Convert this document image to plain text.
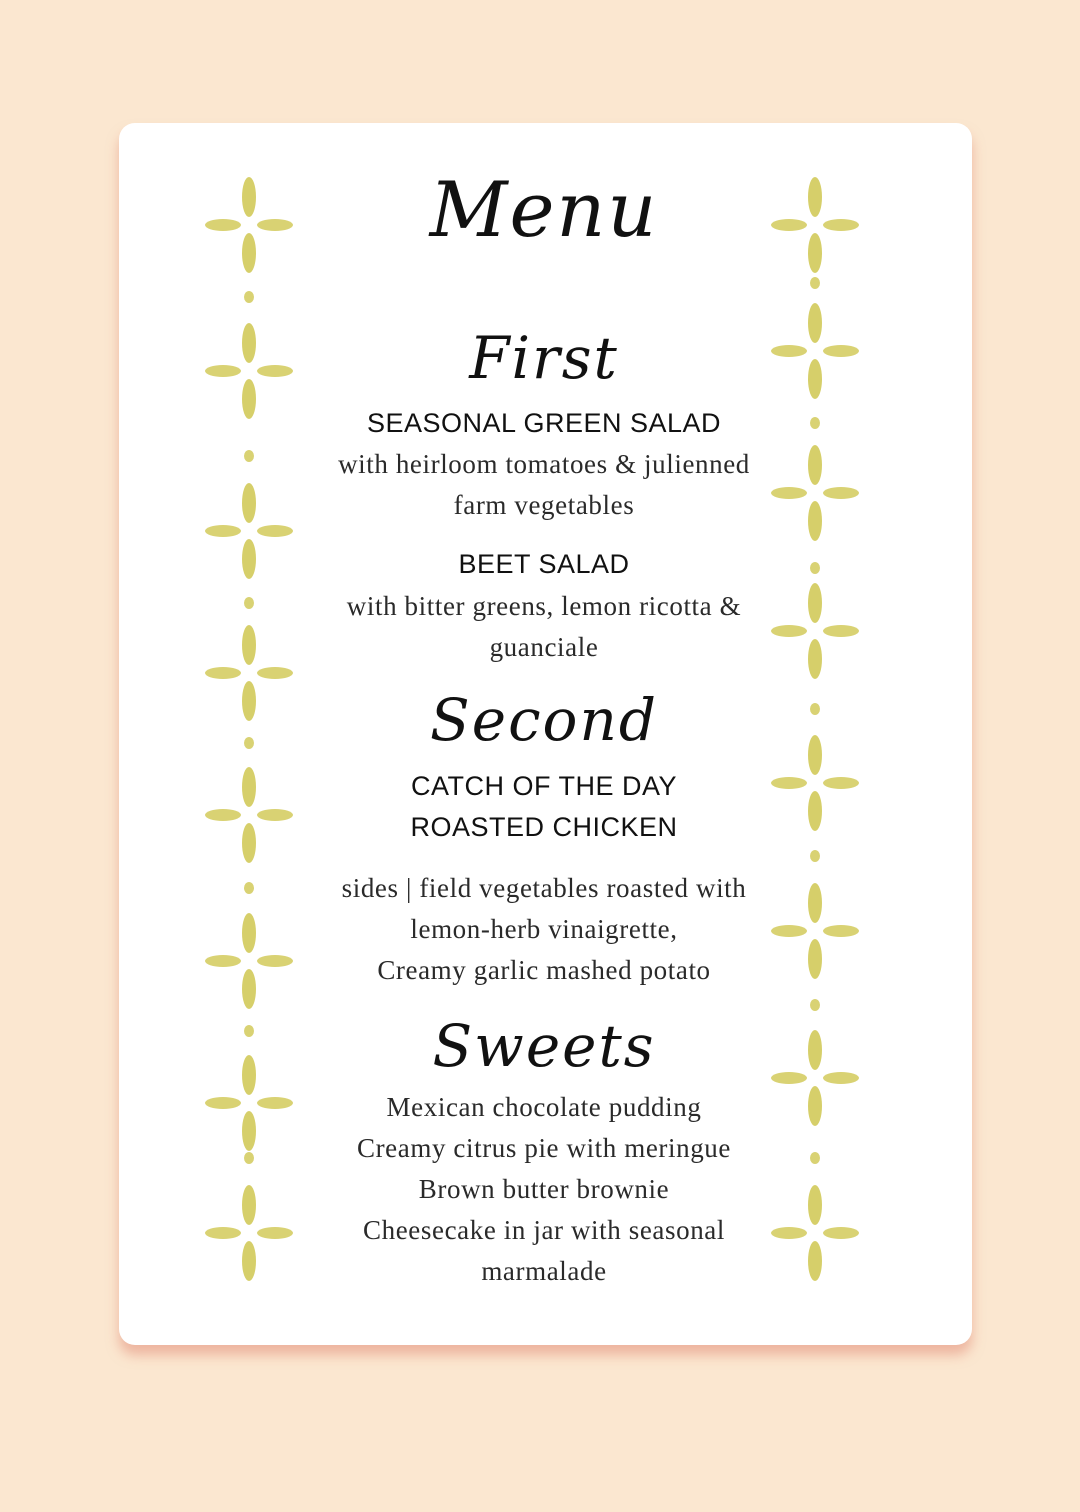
Menu
First
SEASONAL GREEN SALAD
with heirloom tomatoes & julienned
farm vegetables
BEET SALAD
with bitter greens, lemon ricotta &
guanciale
Second
CATCH OF THE DAY
ROASTED CHICKEN
sides | field vegetables roasted with
lemon-herb vinaigrette,
Creamy garlic mashed potato
Sweets
Mexican chocolate pudding
Creamy citrus pie with meringue
Brown butter brownie
Cheesecake in jar with seasonal
marmalade
